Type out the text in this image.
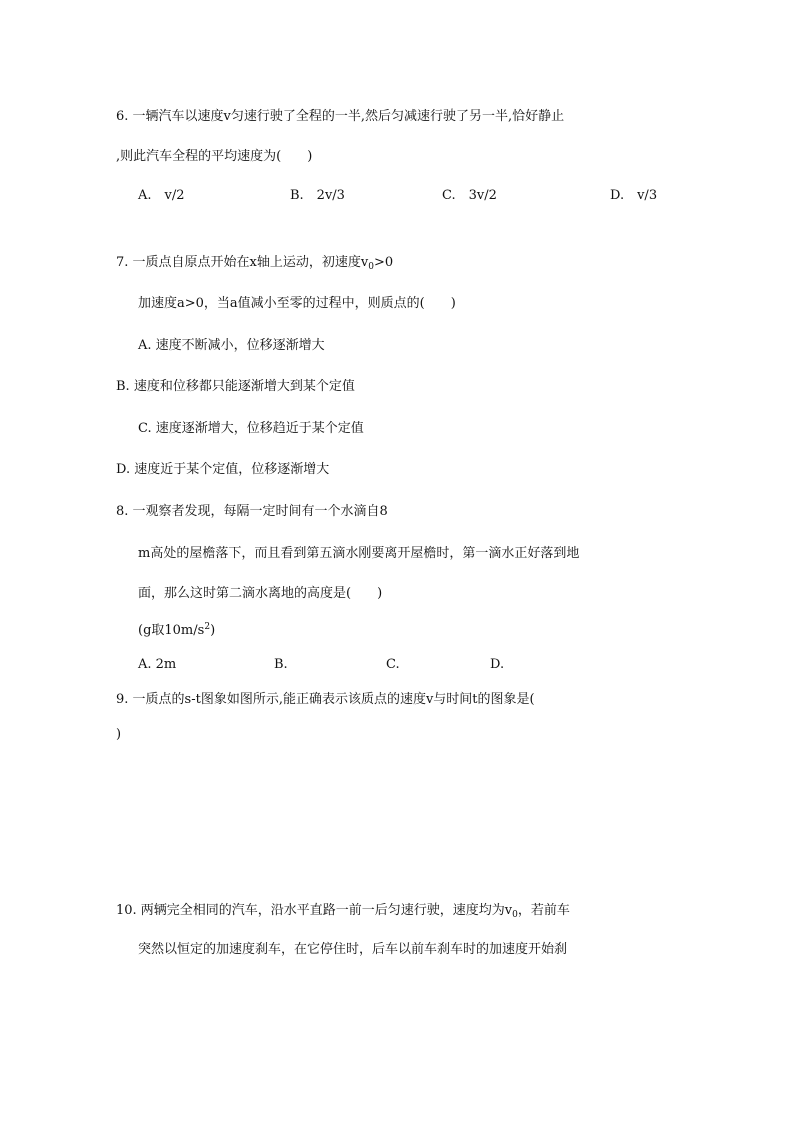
6. 一辆汽车以速度v匀速行驶了全程的一半,然后匀减速行驶了另一半,恰好静止
,则此汽车全程的平均速度为(　　)
A.　v/2	B.　2v/3	C.　3v/2	D.　v/3
7. 一质点自原点开始在x轴上运动，初速度$v_0>0$
加速度a>0，当a值减小至零的过程中，则质点的(　　)
A. 速度不断减小，位移逐渐增大
B. 速度和位移都只能逐渐增大到某个定值
C. 速度逐渐增大，位移趋近于某个定值
D. 速度近于某个定值，位移逐渐增大
8. 一观察者发现，每隔一定时间有一个水滴自8
m高处的屋檐落下，而且看到第五滴水刚要离开屋檐时，第一滴水正好落到地
面，那么这时第二滴水离地的高度是(　　)
(g取$10m/s^2$)
A. 2m	B.	C.	D.
9. 一质点的s-t图象如图所示,能正确表示该质点的速度v与时间t的图象是(
)
10. 两辆完全相同的汽车，沿水平直路一前一后匀速行驶，速度均为$v_0$，若前车
突然以恒定的加速度刹车，在它停住时，后车以前车刹车时的加速度开始刹
